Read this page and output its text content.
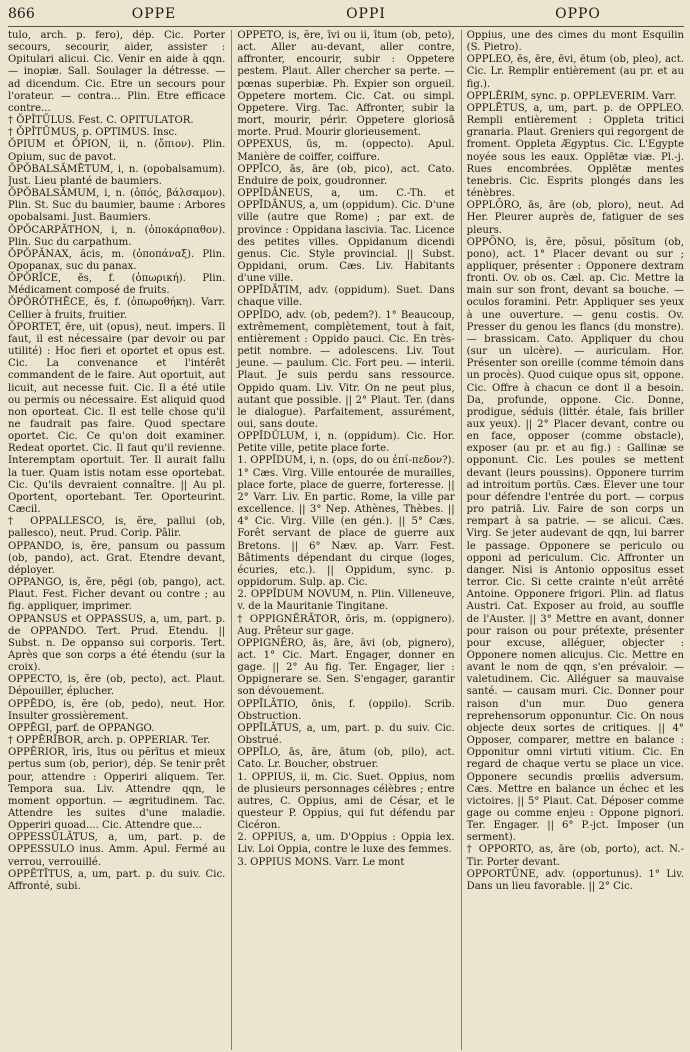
866	OPPE	OPPI	OPPO

tulo, arch. p. fero), dép. Cic. Porter secours, secourir, aider, assister : Opitulari alicui. Cic. Venir en aide à qqn. — inopiæ. Sall. Soulager la détresse. — ad dicendum. Cic. Etre un secours pour l'orateur. — contra... Plin. Etre efficace contre...

† ŎPĬTŬLUS. Fest. C. OPITULATOR.

† ŎPĬTŬMUS, p. OPTIMUS. Insc.

ŎPIUM et ŎPION, ii, n. (ὄπιον). Plin. Opium, suc de pavot.

ŎPŎBALSĂMĒTUM, i, n. (opobalsamum). Just. Lieu planté de baumiers.

ŎPŎBALSĂMUM, i, n. (ὀπός, βάλσαμον). Plin. St. Suc du baumier, baume : Arbores opobalsami. Just. Baumiers.

ŎPŎCARPĂTHON, i, n. (ὀποκάρπαθον). Plin. Suc du carpathum.

ŎPŎPĂNAX, ăcis, m. (ὀποπάναξ). Plin. Opopanax, suc du panax.

ŎPŎRĬCE, ēs, f. (ὀπωρική). Plin. Médicament composé de fruits.

ŎPŎRŎTHĒCE, ēs, f. (ὀπωροθήκη). Varr. Cellier à fruits, fruitier.

ŎPORTET, ēre, uit (opus), neut. impers. Il faut, il est nécessaire (par devoir ou par utilité) : Hoc fieri et oportet et opus est. Cic. La convenance et l'intérêt commandent de le faire. Aut oportuit, aut licuit, aut necesse fuit. Cic. Il a été utile ou permis ou nécessaire. Est aliquid quod non oporteat. Cic. Il est telle chose qu'il ne faudrait pas faire. Quod spectare oportet. Cic. Ce qu'on doit examiner. Redeat oportet. Cic. Il faut qu'il revienne. Interemptam oportuit. Ter. Il aurait fallu la tuer. Quam istis notam esse oportebat. Cic. Qu'ils devraient connaître. || Au pl. Oportent, oportebant. Ter. Oporteurint. Cæcil.

† OPPALLESCO, is, ĕre, pallui (ob, pallesco), neut. Prud. Corip. Pâlir.

OPPANDO, is, ĕre, pansum ou passum (ob, pando), act. Grat. Etendre devant, déployer.

OPPANGO, is, ĕre, pēgi (ob, pango), act. Plaut. Fest. Ficher devant ou contre ; au fig. appliquer, imprimer.

OPPANSUS et OPPASSUS, a, um, part. p. de OPPANDO. Tert. Prud. Etendu. || Subst. n. De oppanso sui corporis. Tert. Après que son corps a été étendu (sur la croix).

OPPECTO, is, ĕre (ob, pecto), act. Plaut. Dépouiller, éplucher.

OPPĒDO, is, ĕre (ob, pedo), neut. Hor. Insulter grossièrement.

OPPĒGI, parf. de OPPANGO.

† OPPĒRĬBOR, arch. p. OPPERIAR. Ter.

OPPĔRIOR, īris, ītus ou pĕrītus et mieux pertus sum (ob, perior), dép. Se tenir prêt pour, attendre : Opperiri aliquem. Ter. Tempora sua. Liv. Attendre qqn, le moment opportun. — ægritudinem. Tac. Attendre les suites d'une maladie. Opperiri quoad.... Cic. Attendre que...

OPPESSŬLĀTUS, a, um, part. p. de OPPESSULO inus. Amm. Apul. Fermé au verrou, verrouillé.

OPPĔTĪTUS, a, um, part. p. du suiv. Cic. Affronté, subi.

OPPĔTO, is, ĕre, īvi ou ii, ītum (ob, peto), act. Aller au-devant, aller contre, affronter, encourir, subir : Oppetere pestem. Plaut. Aller chercher sa perte. — pœnas superbiæ. Ph. Expier son orgueil. Oppetere mortem. Cic. Cat. ou simpl. Oppetere. Virg. Tac. Affronter, subir la mort, mourir, périr. Oppetere gloriosā morte. Prud. Mourir glorieusement.

OPPEXUS, ūs, m. (oppecto). Apul. Manière de coiffer, coiffure.

OPPĪCO, ās, āre (ob, pico), act. Cato. Enduire de poix, goudronner.

OPPĪDĀNEUS, a, um. C.-Th. et OPPĪDĀNUS, a, um (oppidum). Cic. D'une ville (autre que Rome) ; par ext. de province : Oppidana lascivia. Tac. Licence des petites villes. Oppidanum dicendi genus. Cic. Style provincial. || Subst. Oppidani, orum. Cæs. Liv. Habitants d'une ville.

OPPĪDĀTIM, adv. (oppidum). Suet. Dans chaque ville.

OPPĬDO, adv. (ob, pedem?). 1° Beaucoup, extrêmement, complètement, tout à fait, entièrement : Oppido pauci. Cic. En très-petit nombre. — adolescens. Liv. Tout jeune. — paulum. Cic. Fort peu. — interii. Plaut. Je suis perdu sans ressource. Oppido quam. Liv. Vitr. On ne peut plus, autant que possible. || 2° Plaut. Ter. (dans le dialogue). Parfaitement, assurément, oui, sans doute.

OPPĬDŬLUM, i, n. (oppidum). Cic. Hor. Petite ville, petite place forte.

1. OPPĬDUM, i, n. (ops, do ou ἐπί-πεδον?). 1° Cæs. Virg. Ville entourée de murailles, place forte, place de guerre, forteresse. || 2° Varr. Liv. En partic. Rome, la ville par excellence. || 3° Nep. Athènes, Thèbes. || 4° Cic. Virg. Ville (en gén.). || 5° Cæs. Forêt servant de place de guerre aux Bretons. || 6° Næv. ap. Varr. Fest. Bâtiments dépendant du cirque (loges, écuries, etc.). || Oppidum, sync. p. oppidorum. Sulp. ap. Cic.

2. OPPĬDUM NOVUM, n. Plin. Villeneuve, v. de la Mauritanie Tingitane.

† OPPIGNĔRĀTOR, ōris, m. (oppignero). Aug. Prêteur sur gage.

OPPIGNĔRO, ās, āre, āvi (ob, pignero), act. 1° Cic. Mart. Engager, donner en gage. || 2° Au fig. Ter. Engager, lier : Oppignerare se. Sen. S'engager, garantir son dévouement.

OPPĪLĀTIO, ōnis, f. (oppilo). Scrib. Obstruction.

OPPĪLĀTUS, a, um, part. p. du suiv. Cic. Obstrué.

OPPĪLO, ās, āre, ātum (ob, pilo), act. Cato. Lr. Boucher, obstruer.

1. OPPIUS, ii, m. Cic. Suet. Oppius, nom de plusieurs personnages célèbres ; entre autres, C. Oppius, ami de César, et le questeur P. Oppius, qui fut défendu par Cicéron.

2. OPPIUS, a, um. D'Oppius : Oppia lex. Liv. Loi Oppia, contre le luxe des femmes.

3. OPPIUS MONS. Varr. Le mont

Oppius, une des cimes du mont Esquilin (S. Pietro).

OPPLEO, ēs, ēre, ēvi, ētum (ob, pleo), act. Cic. Lr. Remplir entièrement (au pr. et au fig.).

OPPLĒRIM, sync. p. OPPLEVERIM. Varr.

OPPLĒTUS, a, um, part. p. de OPPLEO. Rempli entièrement : Oppleta tritici granaria. Plaut. Greniers qui regorgent de froment. Oppleta Ægyptus. Cic. L'Egypte noyée sous les eaux. Opplētæ viæ. Pl.-j. Rues encombrées. Opplētæ mentes tenebris. Cic. Esprits plongés dans les ténèbres.

OPPLŌRO, ās, āre (ob, ploro), neut. Ad Her. Pleurer auprès de, fatiguer de ses pleurs.

OPPŌNO, is, ĕre, pŏsui, pŏsĭtum (ob, pono), act. 1° Placer devant ou sur ; appliquer, présenter : Opponere dextram fronti. Ov. ob os. Cæl. ap. Cic. Mettre la main sur son front, devant sa bouche. — oculos foramini. Petr. Appliquer ses yeux à une ouverture. — genu costis. Ov. Presser du genou les flancs (du monstre). — brassicam. Cato. Appliquer du chou (sur un ulcère). — auriculam. Hor. Présenter son oreille (comme témoin dans un procès). Quod cuique opus sit, oppone. Cic. Offre à chacun ce dont il a besoin. Da, profunde, oppone. Cic. Donne, prodigue, séduis (littér. étale, fais briller aux yeux). || 2° Placer devant, contre ou en face, opposer (comme obstacle), exposer (au pr. et au fig.) : Gallinæ se opponunt. Cic. Les poules se mettent devant (leurs poussins). Opponere turrim ad introitum portūs. Cæs. Elever une tour pour défendre l'entrée du port. — corpus pro patriā. Liv. Faire de son corps un rempart à sa patrie. — se alicui. Cæs. Virg. Se jeter audevant de qqn, lui barrer le passage. Opponere se periculo ou opponi ad periculum. Cic. Affronter un danger. Nisi is Antonio oppositus esset terror. Cic. Si cette crainte n'eût arrêté Antoine. Opponere frigori. Plin. ad flatus Austri. Cat. Exposer au froid, au souffle de l'Auster. || 3° Mettre en avant, donner pour raison ou pour prétexte, présenter pour excuse, alléguer, objecter : Opponere nomen alicujus. Cic. Mettre en avant le nom de qqn, s'en prévaloir. — valetudinem. Cic. Alléguer sa mauvaise santé. — causam muri. Cic. Donner pour raison d'un mur. Duo genera reprehensorum opponuntur. Cic. On nous objecte deux sortes de critiques. || 4° Opposer, comparer, mettre en balance : Opponitur omni virtuti vitium. Cic. En regard de chaque vertu se place un vice. Opponere secundis prœliis adversum. Cæs. Mettre en balance un échec et les victoires. || 5° Plaut. Cat. Déposer comme gage ou comme enjeu : Oppone pignori. Ter. Engager. || 6° P.-jct. Imposer (un serment).

† OPPORTO, as, āre (ob, porto), act. N.-Tir. Porter devant.

OPPORTŪNE, adv. (opportunus). 1° Liv. Dans un lieu favorable. || 2° Cic.
